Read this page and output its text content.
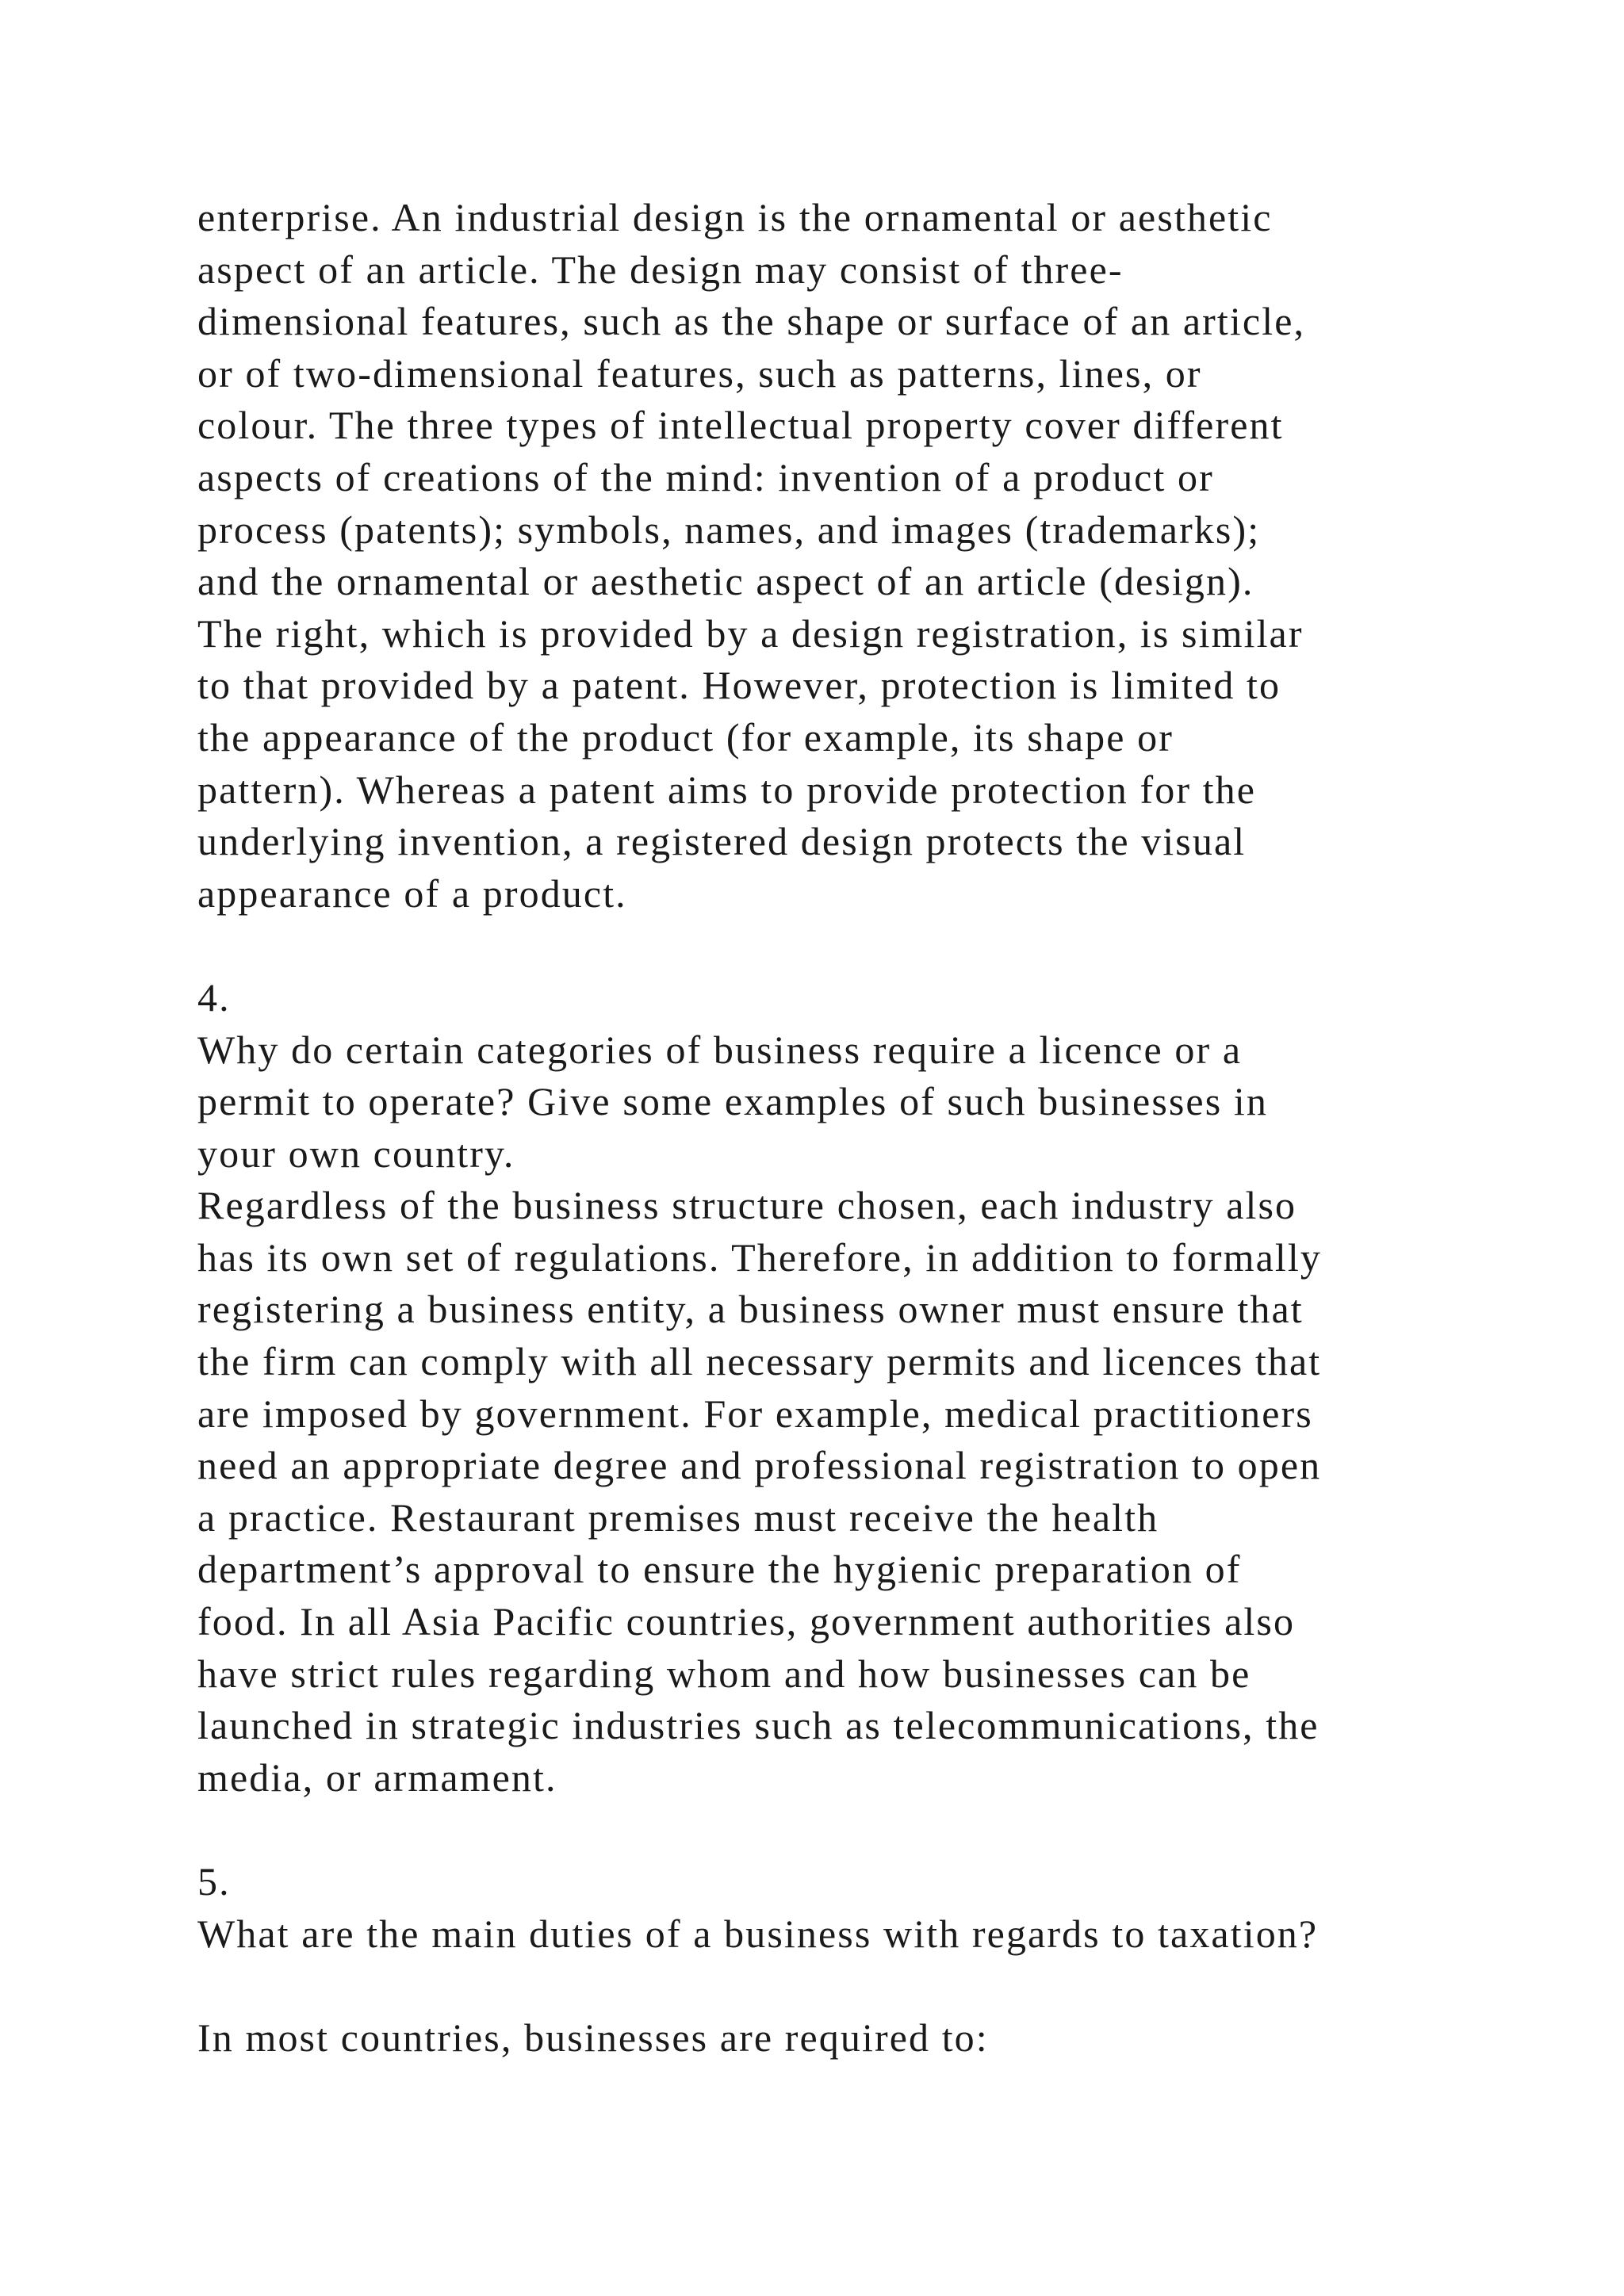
enterprise. An industrial design is the ornamental or aesthetic
aspect of an article. The design may consist of three-
dimensional features, such as the shape or surface of an article,
or of two-dimensional features, such as patterns, lines, or
colour. The three types of intellectual property cover different
aspects of creations of the mind: invention of a product or
process (patents); symbols, names, and images (trademarks);
and the ornamental or aesthetic aspect of an article (design).
The right, which is provided by a design registration, is similar
to that provided by a patent. However, protection is limited to
the appearance of the product (for example, its shape or
pattern). Whereas a patent aims to provide protection for the
underlying invention, a registered design protects the visual
appearance of a product.
4.
Why do certain categories of business require a licence or a
permit to operate? Give some examples of such businesses in
your own country.
Regardless of the business structure chosen, each industry also
has its own set of regulations. Therefore, in addition to formally
registering a business entity, a business owner must ensure that
the firm can comply with all necessary permits and licences that
are imposed by government. For example, medical practitioners
need an appropriate degree and professional registration to open
a practice. Restaurant premises must receive the health
department’s approval to ensure the hygienic preparation of
food. In all Asia Pacific countries, government authorities also
have strict rules regarding whom and how businesses can be
launched in strategic industries such as telecommunications, the
media, or armament.
5.
What are the main duties of a business with regards to taxation?
In most countries, businesses are required to:
